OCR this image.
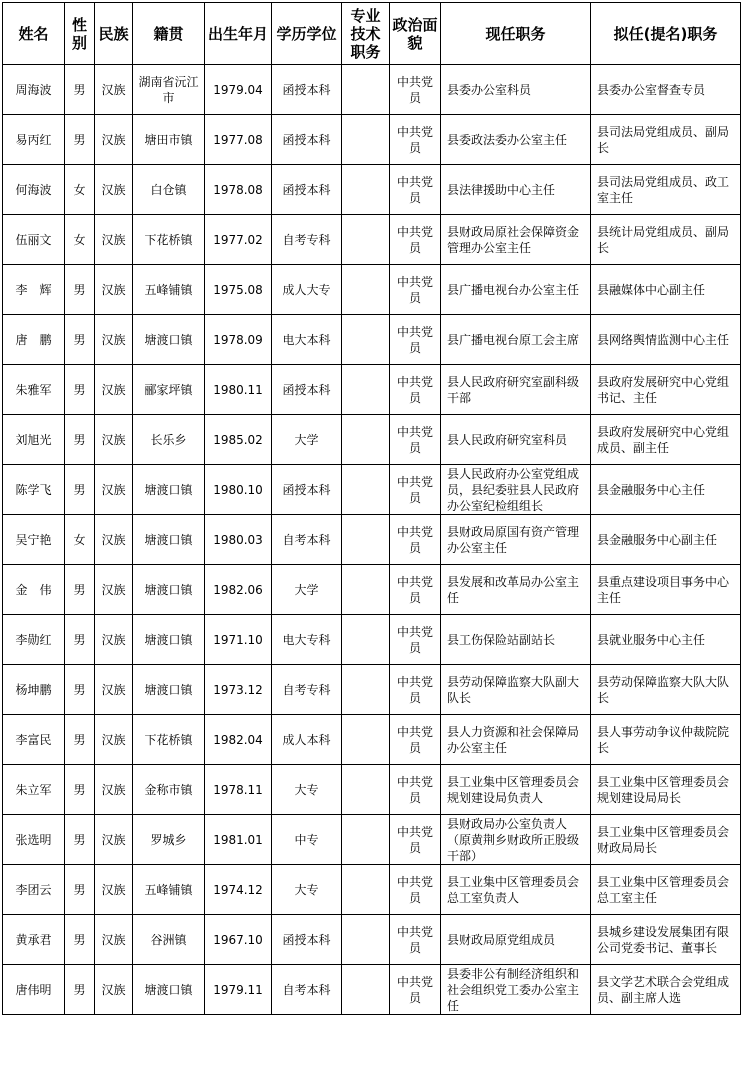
姓名	性别	民族	籍贯	出生年月	学历学位	专业技术职务	政治面貌	现任职务	拟任(提名)职务
周海波	男	汉族	湖南省沅江市	1979.04	函授本科		中共党员	县委办公室科员	县委办公室督查专员
易丙红	男	汉族	塘田市镇	1977.08	函授本科		中共党员	县委政法委办公室主任	县司法局党组成员、副局长
何海波	女	汉族	白仓镇	1978.08	函授本科		中共党员	县法律援助中心主任	县司法局党组成员、政工室主任
伍丽文	女	汉族	下花桥镇	1977.02	自考专科		中共党员	县财政局原社会保障资金管理办公室主任	县统计局党组成员、副局长
李　辉	男	汉族	五峰铺镇	1975.08	成人大专		中共党员	县广播电视台办公室主任	县融媒体中心副主任
唐　鹏	男	汉族	塘渡口镇	1978.09	电大本科		中共党员	县广播电视台原工会主席	县网络舆情监测中心主任
朱雅军	男	汉族	郦家坪镇	1980.11	函授本科		中共党员	县人民政府研究室副科级干部	县政府发展研究中心党组书记、主任
刘旭光	男	汉族	长乐乡	1985.02	大学		中共党员	县人民政府研究室科员	县政府发展研究中心党组成员、副主任
陈学飞	男	汉族	塘渡口镇	1980.10	函授本科		中共党员	县人民政府办公室党组成员，县纪委驻县人民政府办公室纪检组组长	县金融服务中心主任
吴宁艳	女	汉族	塘渡口镇	1980.03	自考本科		中共党员	县财政局原国有资产管理办公室主任	县金融服务中心副主任
金　伟	男	汉族	塘渡口镇	1982.06	大学		中共党员	县发展和改革局办公室主任	县重点建设项目事务中心主任
李勋红	男	汉族	塘渡口镇	1971.10	电大专科		中共党员	县工伤保险站副站长	县就业服务中心主任
杨坤鹏	男	汉族	塘渡口镇	1973.12	自考专科		中共党员	县劳动保障监察大队副大队长	县劳动保障监察大队大队长
李富民	男	汉族	下花桥镇	1982.04	成人本科		中共党员	县人力资源和社会保障局办公室主任	县人事劳动争议仲裁院院长
朱立军	男	汉族	金称市镇	1978.11	大专		中共党员	县工业集中区管理委员会规划建设局负责人	县工业集中区管理委员会规划建设局局长
张选明	男	汉族	罗城乡	1981.01	中专		中共党员	县财政局办公室负责人（原黄荆乡财政所正股级干部）	县工业集中区管理委员会财政局局长
李团云	男	汉族	五峰铺镇	1974.12	大专		中共党员	县工业集中区管理委员会总工室负责人	县工业集中区管理委员会总工室主任
黄承君	男	汉族	谷洲镇	1967.10	函授本科		中共党员	县财政局原党组成员	县城乡建设发展集团有限公司党委书记、董事长
唐伟明	男	汉族	塘渡口镇	1979.11	自考本科		中共党员	县委非公有制经济组织和社会组织党工委办公室主任	县文学艺术联合会党组成员、副主席人选
